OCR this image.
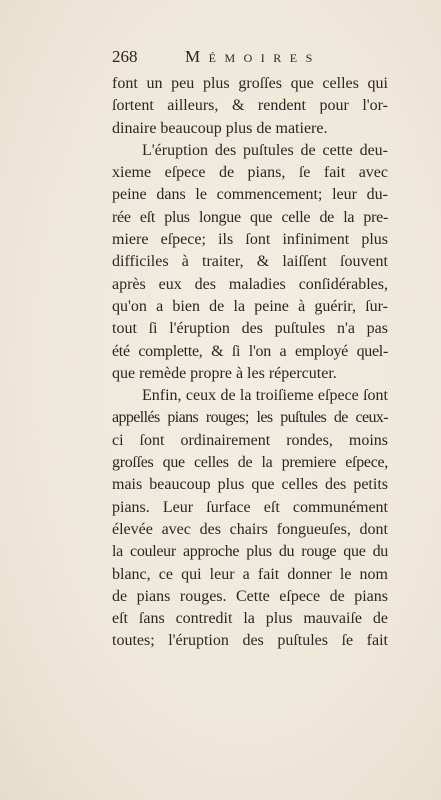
268	Mémoires
font un peu plus groſſes que celles qui
ſortent ailleurs, & rendent pour l'or-
dinaire beaucoup plus de matiere.
L'éruption des puſtules de cette deu-
xieme eſpece de pians, ſe fait avec
peine dans le commencement; leur du-
rée eſt plus longue que celle de la pre-
miere eſpece; ils ſont infiniment plus
difficiles à traiter, & laiſſent ſouvent
après eux des maladies conſidérables,
qu'on a bien de la peine à guérir, ſur-
tout ſi l'éruption des puſtules n'a pas
été complette, & ſi l'on a employé quel-
que remède propre à les répercuter.
Enfin, ceux de la troiſieme eſpece ſont
appellés pians rouges; les puſtules de ceux-
ci ſont ordinairement rondes, moins
groſſes que celles de la premiere eſpece,
mais beaucoup plus que celles des petits
pians. Leur ſurface eſt communément
élevée avec des chairs fongueuſes, dont
la couleur approche plus du rouge que du
blanc, ce qui leur a fait donner le nom
de pians rouges. Cette eſpece de pians
eſt ſans contredit la plus mauvaiſe de
toutes; l'éruption des puſtules ſe fait
